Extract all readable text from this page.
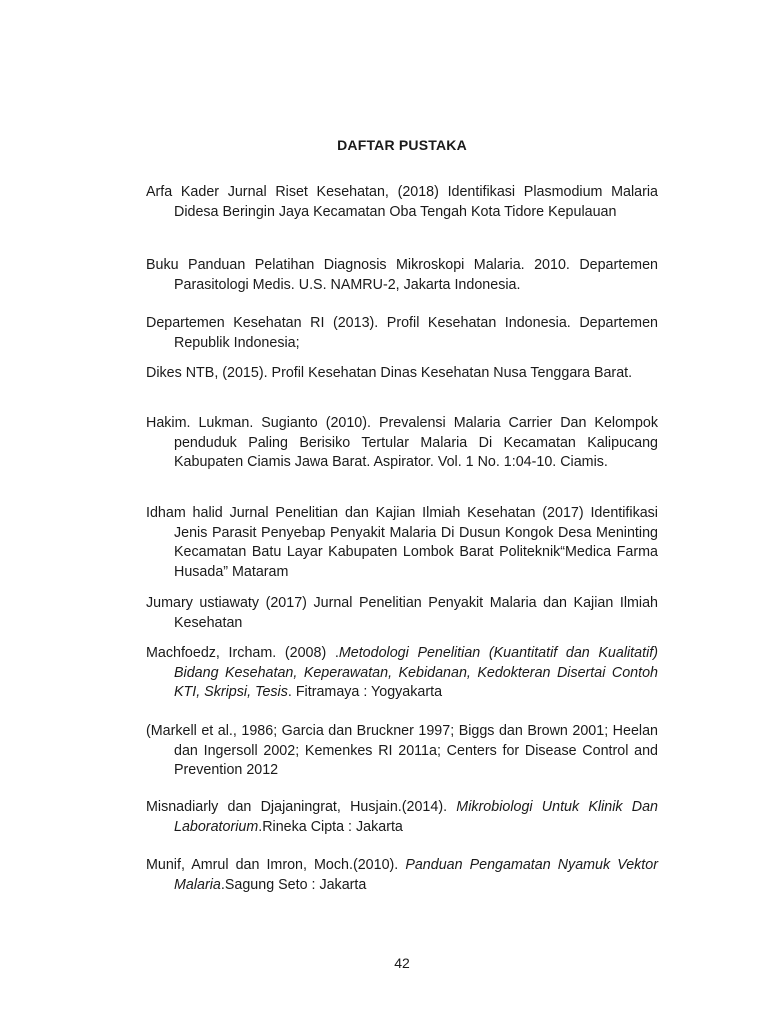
DAFTAR PUSTAKA
Arfa Kader Jurnal Riset Kesehatan, (2018) Identifikasi Plasmodium Malaria Didesa Beringin Jaya Kecamatan Oba Tengah Kota Tidore Kepulauan
Buku Panduan Pelatihan Diagnosis Mikroskopi Malaria. 2010. Departemen Parasitologi Medis. U.S. NAMRU-2, Jakarta Indonesia.
Departemen Kesehatan RI (2013). Profil Kesehatan Indonesia. Departemen Republik Indonesia;
Dikes NTB, (2015). Profil Kesehatan Dinas Kesehatan Nusa Tenggara Barat.
Hakim. Lukman. Sugianto (2010). Prevalensi Malaria Carrier Dan Kelompok penduduk Paling Berisiko Tertular Malaria Di Kecamatan Kalipucang Kabupaten Ciamis Jawa Barat. Aspirator. Vol. 1 No. 1:04-10. Ciamis.
Idham halid Jurnal Penelitian dan Kajian Ilmiah Kesehatan (2017) Identifikasi Jenis Parasit Penyebap Penyakit Malaria Di Dusun Kongok Desa Meninting Kecamatan Batu Layar Kabupaten Lombok Barat Politeknik“Medica Farma Husada” Mataram
Jumary ustiawaty (2017) Jurnal Penelitian Penyakit Malaria dan Kajian Ilmiah Kesehatan
Machfoedz, Ircham. (2008) .Metodologi Penelitian (Kuantitatif dan Kualitatif) Bidang Kesehatan, Keperawatan, Kebidanan, Kedokteran Disertai Contoh KTI, Skripsi, Tesis. Fitramaya : Yogyakarta
(Markell et al., 1986; Garcia dan Bruckner 1997; Biggs dan Brown 2001; Heelan dan Ingersoll 2002; Kemenkes RI 2011a; Centers for Disease Control and Prevention 2012
Misnadiarly dan Djajaningrat, Husjain.(2014). Mikrobiologi Untuk Klinik Dan Laboratorium.Rineka Cipta : Jakarta
Munif, Amrul dan Imron, Moch.(2010). Panduan Pengamatan Nyamuk Vektor Malaria.Sagung Seto : Jakarta
42
